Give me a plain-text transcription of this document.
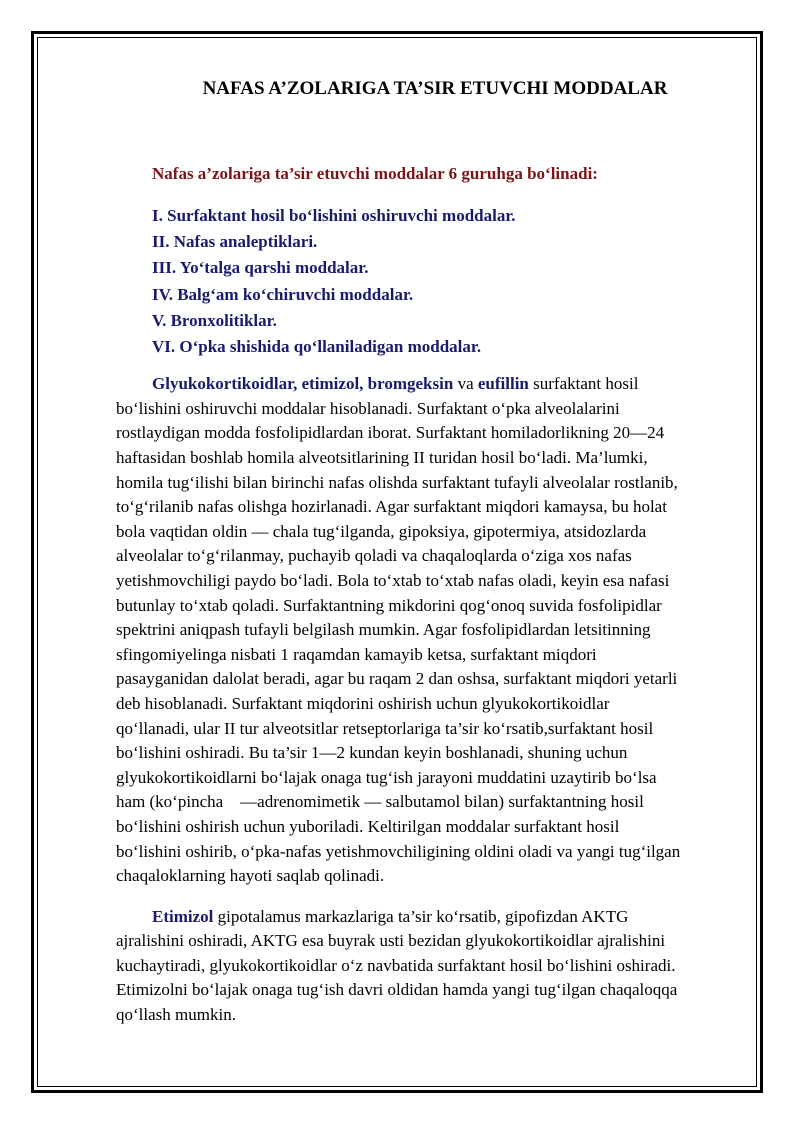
NAFAS A’ZOLARIGA TA’SIR ETUVCHI MODDALAR

Nafas a’zolariga ta’sir etuvchi moddalar 6 guruhga bo‘linadi:

I. Surfaktant hosil bo‘lishini oshiruvchi moddalar.
II. Nafas analeptiklari.
III. Yo‘talga qarshi moddalar.
IV. Balg‘am ko‘chiruvchi moddalar.
V. Bronxolitiklar.
VI. O‘pka shishida qo‘llaniladigan moddalar.

Glyukokortikoidlar, etimizol, bromgeksin va eufillin surfaktant hosil
bo‘lishini oshiruvchi moddalar hisoblanadi. Surfaktant o‘pka alveolalarini
rostlaydigan modda fosfolipidlardan iborat. Surfaktant homiladorlikning 20—24
haftasidan boshlab homila alveotsitlarining II turidan hosil bo‘ladi. Ma’lumki,
homila tug‘ilishi bilan birinchi nafas olishda surfaktant tufayli alveolalar rostlanib,
to‘g‘rilanib nafas olishga hozirlanadi. Agar surfaktant miqdori kamaysa, bu holat
bola vaqtidan oldin — chala tug‘ilganda, gipoksiya, gipotermiya, atsidozlarda
alveolalar to‘g‘rilanmay, puchayib qoladi va chaqaloqlarda o‘ziga xos nafas
yetishmovchiligi paydo bo‘ladi. Bola to‘xtab to‘xtab nafas oladi, keyin esa nafasi
butunlay to‘xtab qoladi. Surfaktantning mikdorini qog‘onoq suvida fosfolipidlar
spektrini aniqpash tufayli belgilash mumkin. Agar fosfolipidlardan letsitinning
sfingomiyelinga nisbati 1 raqamdan kamayib ketsa, surfaktant miqdori
pasayganidan dalolat beradi, agar bu raqam 2 dan oshsa, surfaktant miqdori yetarli
deb hisoblanadi. Surfaktant miqdorini oshirish uchun glyukokortikoidlar
qo‘llanadi, ular II tur alveotsitlar retseptorlariga ta’sir ko‘rsatib,surfaktant hosil
bo‘lishini oshiradi. Bu ta’sir 1—2 kundan keyin boshlanadi, shuning uchun
glyukokortikoidlarni bo‘lajak onaga tug‘ish jarayoni muddatini uzaytirib bo‘lsa
ham (ko‘pincha    —adrenomimetik — salbutamol bilan) surfaktantning hosil
bo‘lishini oshirish uchun yuboriladi. Keltirilgan moddalar surfaktant hosil
bo‘lishini oshirib, o‘pka-nafas yetishmovchiligining oldini oladi va yangi tug‘ilgan
chaqaloklarning hayoti saqlab qolinadi.

Etimizol gipotalamus markazlariga ta’sir ko‘rsatib, gipofizdan AKTG
ajralishini oshiradi, AKTG esa buyrak usti bezidan glyukokortikoidlar ajralishini
kuchaytiradi, glyukokortikoidlar o‘z navbatida surfaktant hosil bo‘lishini oshiradi.
Etimizolni bo‘lajak onaga tug‘ish davri oldidan hamda yangi tug‘ilgan chaqaloqqa
qo‘llash mumkin.
